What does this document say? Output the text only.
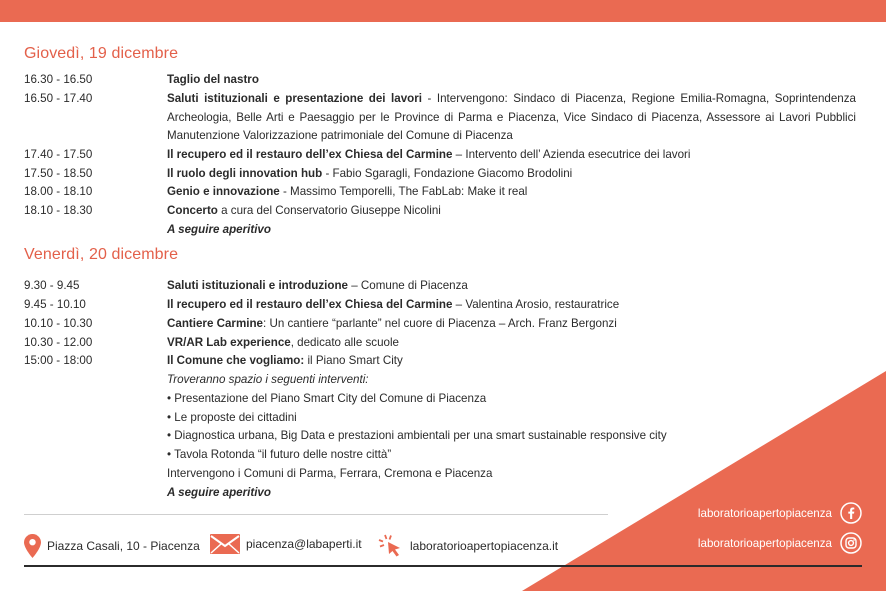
Giovedì, 19 dicembre
16.30 - 16.50	Taglio del nastro
16.50 - 17.40	Saluti istituzionali e presentazione dei lavori - Intervengono: Sindaco di Piacenza, Regione Emilia-Romagna, Soprintendenza Archeologia, Belle Arti e Paesaggio per le Province di Parma e Piacenza, Vice Sindaco di Piacenza, Assessore ai Lavori Pubblici Manutenzione Valorizzazione patrimoniale del Comune di Piacenza
17.40 - 17.50	Il recupero ed il restauro dell’ex Chiesa del Carmine – Intervento dell’ Azienda esecutrice dei lavori
17.50 - 18.50	Il ruolo degli innovation hub - Fabio Sgaragli, Fondazione Giacomo Brodolini
18.00 - 18.10	Genio e innovazione - Massimo Temporelli, The FabLab: Make it real
18.10 - 18.30	Concerto a cura del Conservatorio Giuseppe Nicolini
A seguire aperitivo
Venerdì, 20 dicembre
9.30 - 9.45	Saluti istituzionali e introduzione – Comune di Piacenza
9.45 - 10.10	Il recupero ed il restauro dell’ex Chiesa del Carmine – Valentina Arosio, restauratrice
10.10 - 10.30	Cantiere Carmine: Un cantiere “parlante” nel cuore di Piacenza – Arch. Franz Bergonzi
10.30 - 12.00	VR/AR Lab experience, dedicato alle scuole
15:00 - 18:00	Il Comune che vogliamo: il Piano Smart City
Troveranno spazio i seguenti interventi:
• Presentazione del Piano Smart City del Comune di Piacenza
• Le proposte dei cittadini
• Diagnostica urbana, Big Data e prestazioni ambientali per una smart sustainable responsive city
• Tavola Rotonda “il futuro delle nostre città”
Intervengono i Comuni di Parma, Ferrara, Cremona e Piacenza
A seguire aperitivo
Piazza Casali, 10 - Piacenza	piacenza@labaperti.it	laboratorioapertopiacenza.it
laboratorioapertopiacenza
laboratorioapertopiacenza
